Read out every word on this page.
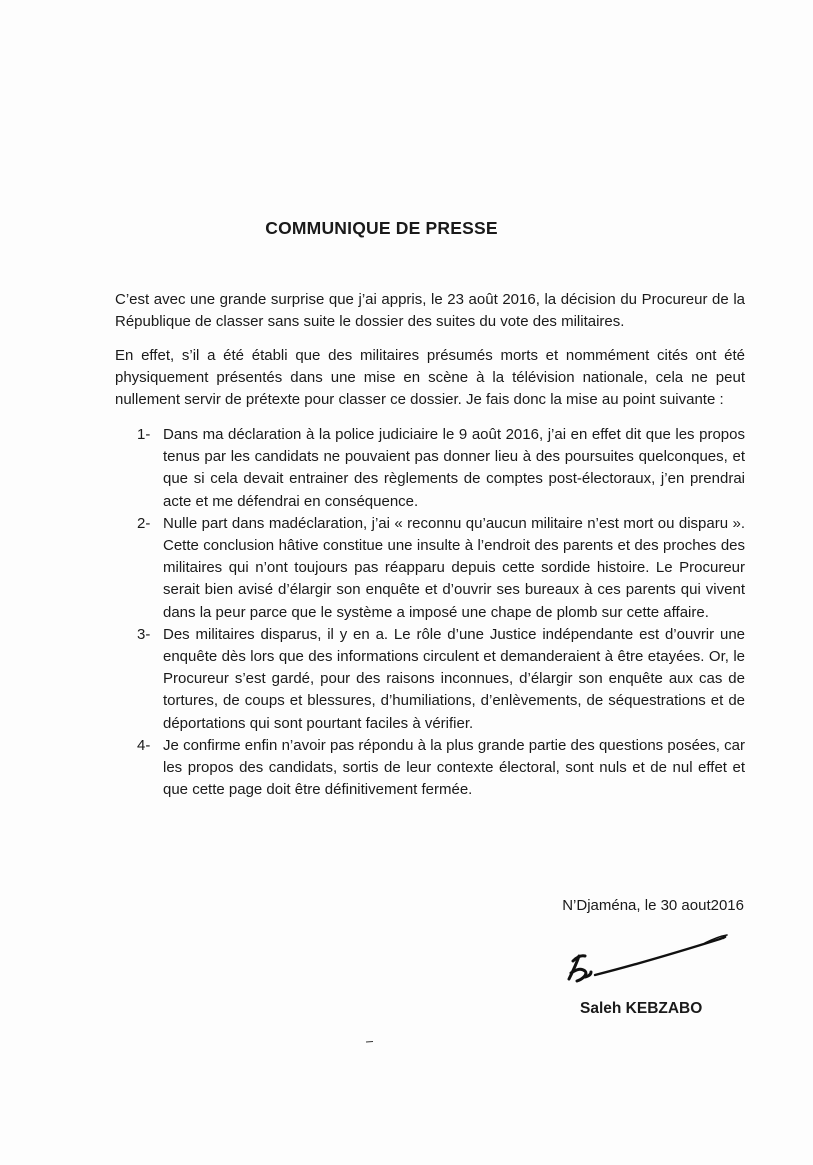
COMMUNIQUE DE PRESSE
C’est avec une grande surprise que j’ai appris, le 23 août 2016, la décision du Procureur de la République de classer sans suite le dossier des suites du vote des militaires.
En effet, s’il a été établi que des militaires présumés morts et nommément cités ont été physiquement présentés dans une mise en scène à la télévision nationale, cela ne peut nullement servir de prétexte pour classer ce dossier. Je fais donc la mise au point suivante :
1- Dans ma déclaration à la police judiciaire le 9 août 2016, j’ai en effet dit que les propos tenus par les candidats ne pouvaient pas donner lieu à des poursuites quelconques, et que si cela devait entrainer des règlements de comptes post-électoraux, j’en prendrai acte et me défendrai en conséquence.
2- Nulle part dans madéclaration, j’ai « reconnu qu’aucun militaire n’est mort ou disparu ». Cette conclusion hâtive constitue une insulte à l’endroit des parents et des proches des militaires qui n’ont toujours pas réapparu depuis cette sordide histoire. Le Procureur serait bien avisé d’élargir son enquête et d’ouvrir ses bureaux à ces parents qui vivent dans la peur parce que le système a imposé une chape de plomb sur cette affaire.
3- Des militaires disparus, il y en a. Le rôle d’une Justice indépendante est d’ouvrir une enquête dès lors que des informations circulent et demanderaient à être etayées. Or, le Procureur s’est gardé, pour des raisons inconnues, d’élargir son enquête aux cas de tortures, de coups et blessures, d’humiliations, d’enlèvements, de séquestrations et de déportations qui sont pourtant faciles à vérifier.
4- Je confirme enfin n’avoir pas répondu à la plus grande partie des questions posées, car les propos des candidats, sortis de leur contexte électoral, sont nuls et de nul effet et que cette page doit être définitivement fermée.
N’Djaména, le 30 aout2016
Saleh KEBZABO
